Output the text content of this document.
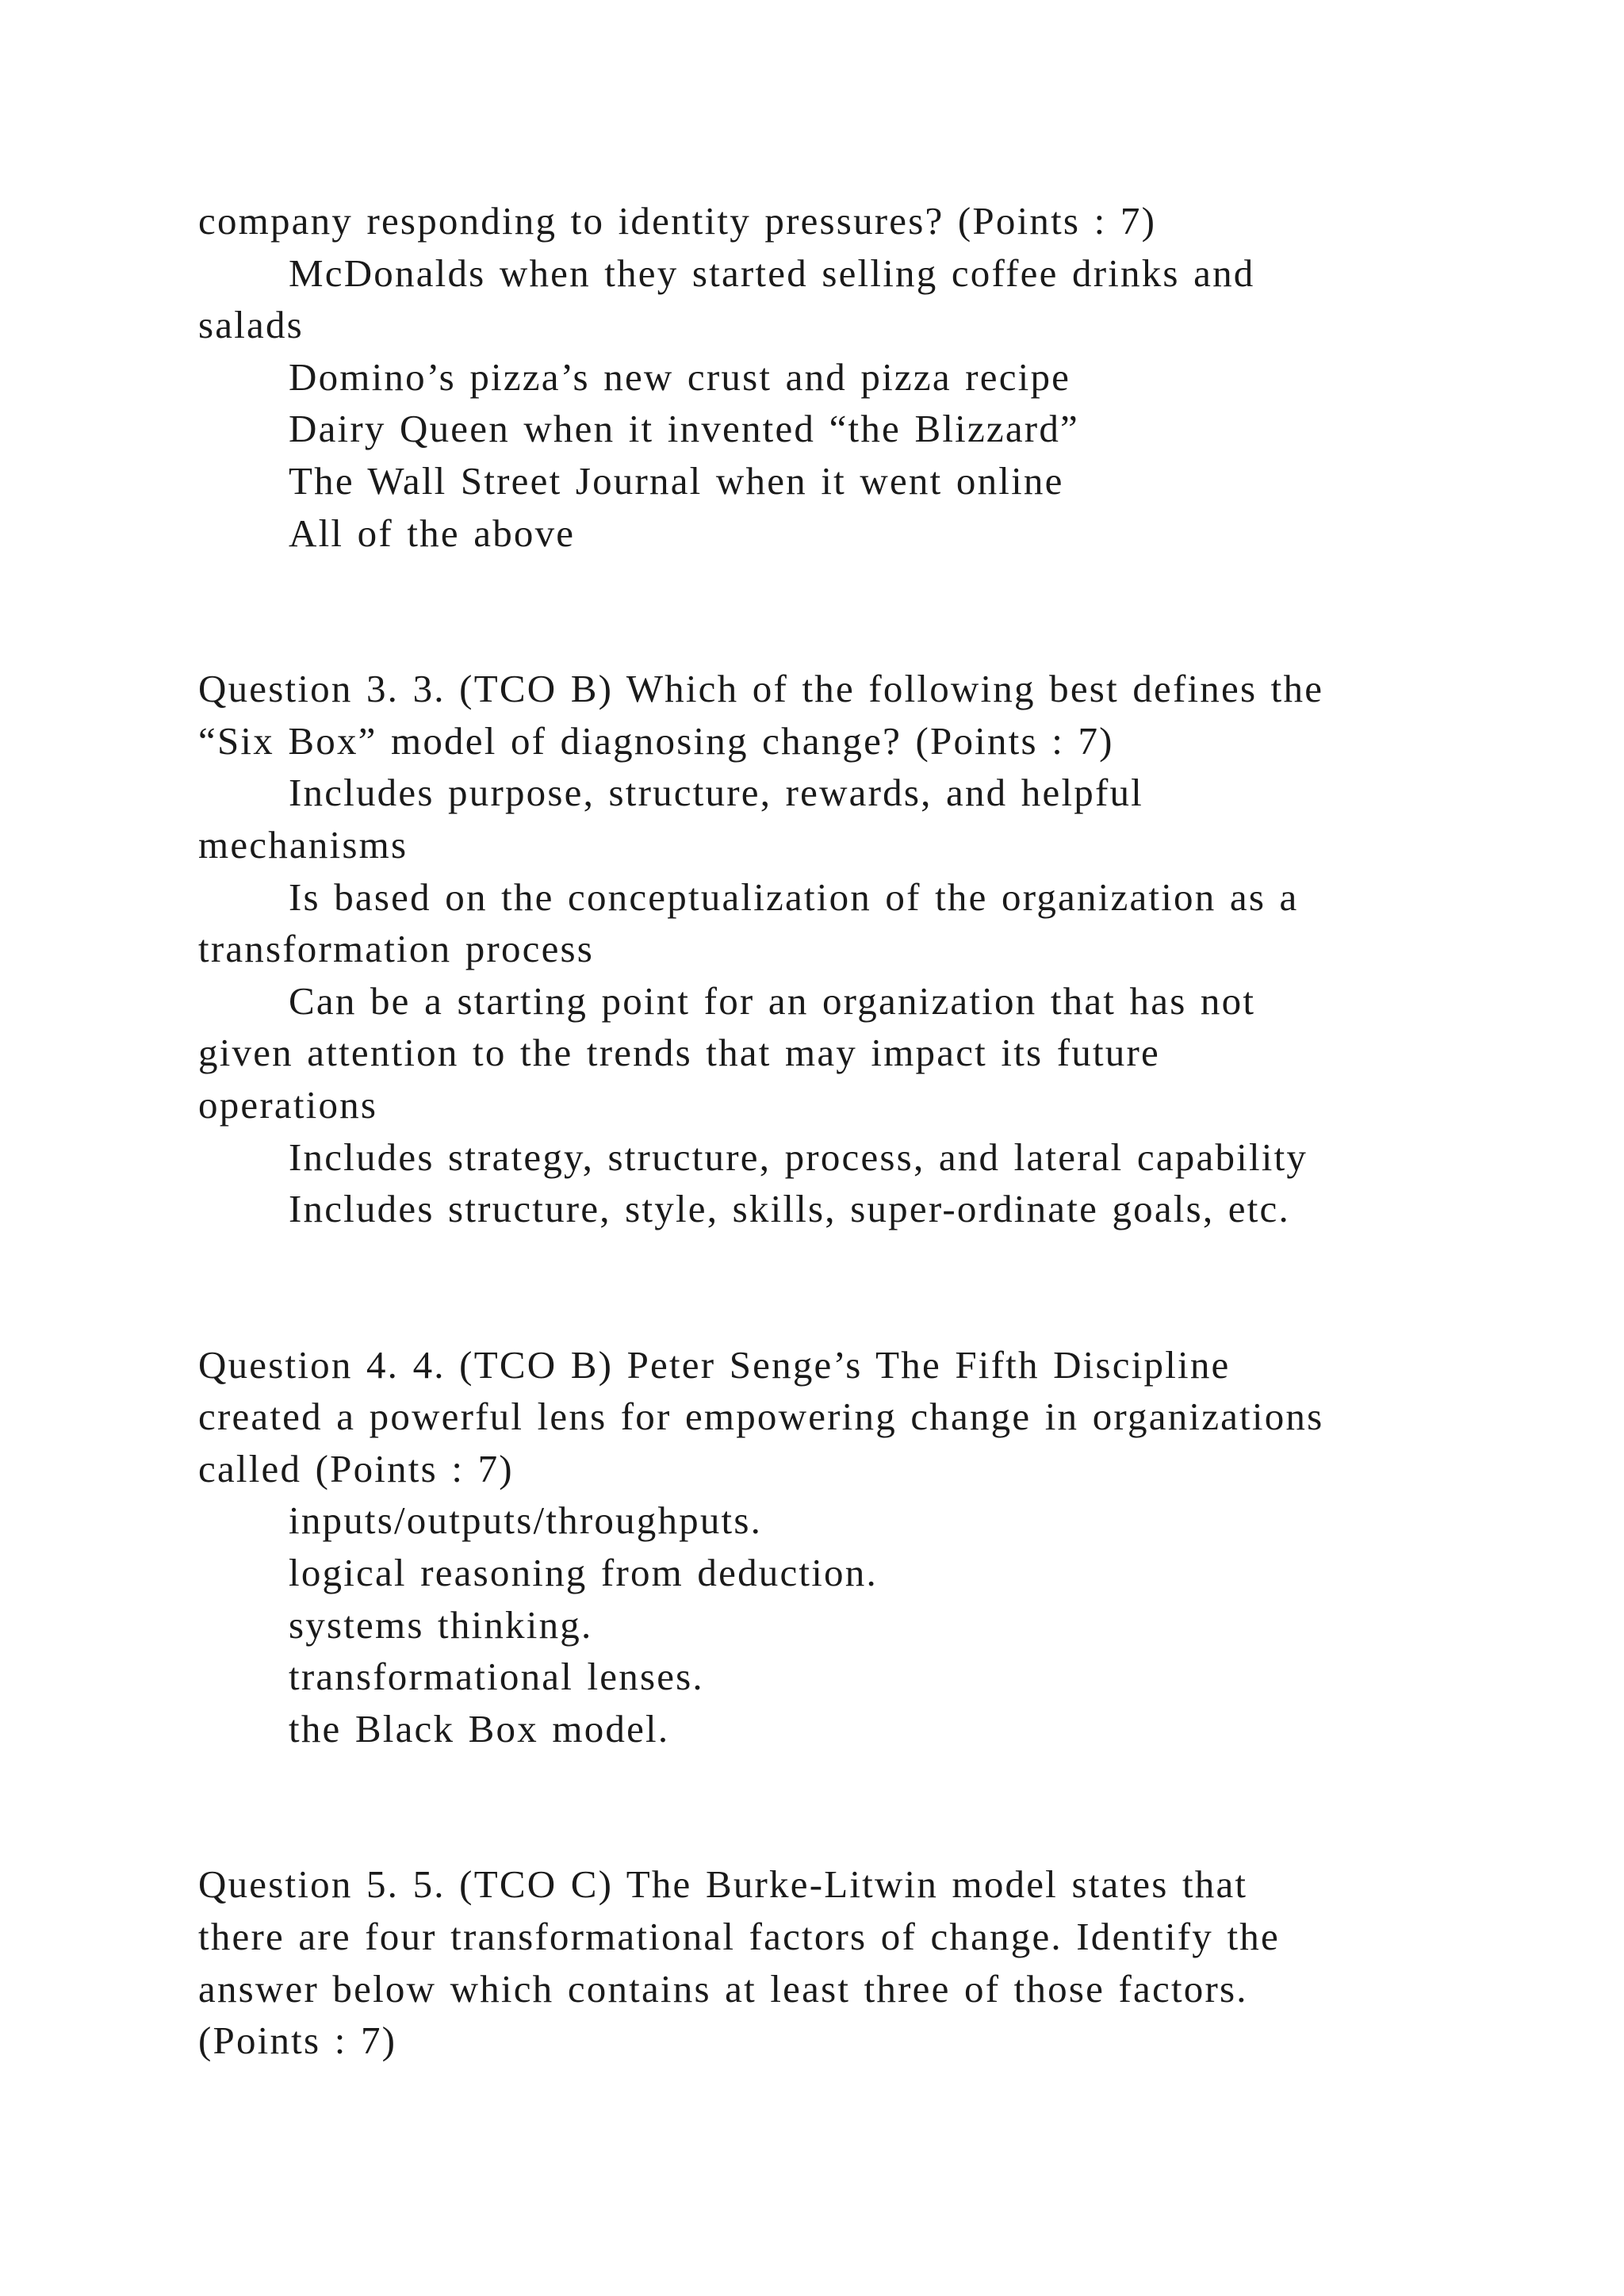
company responding to identity pressures? (Points : 7)

McDonalds when they started selling coffee drinks and

salads

Domino’s pizza’s new crust and pizza recipe

Dairy Queen when it invented “the Blizzard”

The Wall Street Journal when it went online

All of the above

Question 3. 3. (TCO B) Which of the following best defines the

“Six Box” model of diagnosing change? (Points : 7)

Includes purpose, structure, rewards, and helpful

mechanisms

Is based on the conceptualization of the organization as a

transformation process

Can be a starting point for an organization that has not

given attention to the trends that may impact its future

operations

Includes strategy, structure, process, and lateral capability

Includes structure, style, skills, super-ordinate goals, etc.

Question 4. 4. (TCO B) Peter Senge’s The Fifth Discipline

created a powerful lens for empowering change in organizations

called (Points : 7)

inputs/outputs/throughputs.

logical reasoning from deduction.

systems thinking.

transformational lenses.

the Black Box model.

Question 5. 5. (TCO C) The Burke-Litwin model states that

there are four transformational factors of change. Identify the

answer below which contains at least three of those factors.

(Points : 7)
